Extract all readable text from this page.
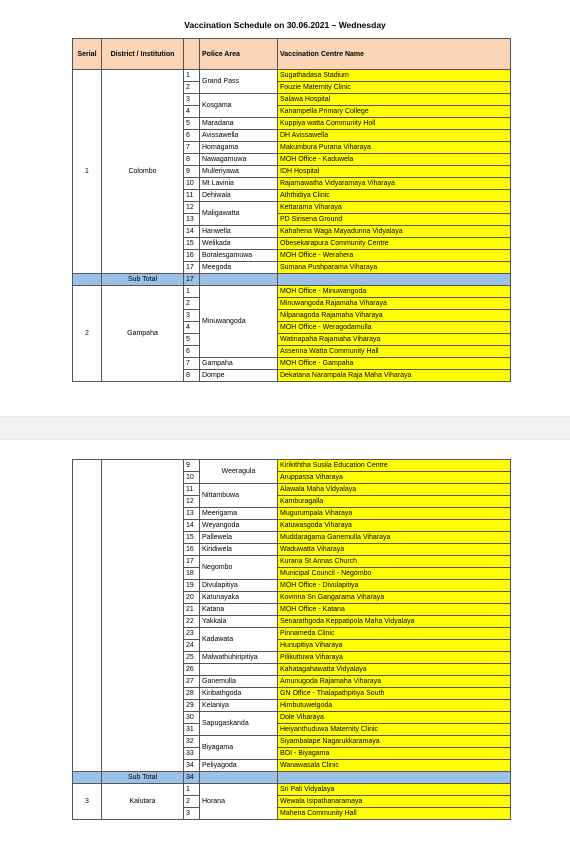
Vaccination Schedule on 30.06.2021 – Wednesday
Serial	District / Institution		Police Area	Vaccination Centre Name
1	Colombo	1	Grand Pass	Sugathadasa Stadium
		2		Fouzie Maternity Clinic
		3	Kosgama	Salawa Hospital
		4		Kanampella Primary College
		5	Maradana	Kuppiya watta Community Holl
		6	Avissawella	DH Avissawella
		7	Homagama	Makumbura Purana Viharaya
		8	Nawagamuwa	MOH Office - Kaduwela
		9	Mulleriyawa	IDH Hospital
		10	Mt Lavinia	Rajamawatha Vidyaramaya Viharaya
		11	Dehiwala	Aththidiya Clinic
		12	Maligawatta	Kettarama Viharaya
		13		PD Sirisena Ground
		14	Hanwella	Kahahena Waga Mayadunna Vidyalaya
		15	Welikada	Obesekarapura Community Centre
		16	Boralesgamuwa	MOH Office - Werahera
		17	Meegoda	Sumana Pushparama Viharaya
	Sub Total	17		
2	Gampaha	1	Minuwangoda	MOH Office - Minuwangoda
		2		Minuwangoda Rajamaha Viharaya
		3		Nilpanagoda Rajamaha Viharaya
		4		MOH Office - Weragodamulla
		5		Watinapaha Rajamaha Viharaya
		6		Assenna Watta Community Hall
		7	Gampaha	MOH Office - Gampaha
		8	Dompe	Dekatana Narampala Raja Maha Viharaya
		9	Weeragula	Kirikiththa Susila Education Centre
		10		Aruppassa Viharaya
		11	Nittambuwa	Alawala Maha Vidyalaya
		12		Kamburagalla
		13	Meerigama	Mugurumpala Viharaya
		14	Weyangoda	Katuwasgoda Viharaya
		15	Pallewela	Muddaragama Ganemulla Viharaya
		16	Kiridiwela	Waduwatta Viharaya
		17	Negombo	Kurana St Annas Church
		18		Municipal Council - Negombo
		19	Divulapitiya	MOH Office - Divulapitiya
		20	Katunayaka	Kovinna Sri Gangarama Viharaya
		21	Katana	MOH Office - Katana
		22	Yakkala	Senarathgoda Keppatipola Maha Vidyalaya
		23	Kadawata	Pinnameda Clinic
		24		Hunupitiya Viharaya
		25	Malwathuhiripitiya	Pilikuttuwa Viharaya
		26		Kahatagahawatta Vidyalaya
		27	Ganemulla	Amunugoda Rajamaha Viharaya
		28	Kiribathgoda	GN Office - Thalapathpitiya South
		29	Kelaniya	Himbutuwelgoda
		30	Sapugaskanda	Dole Viharaya
		31		Heiyanthuduwa Maternity Clinic
		32	Biyagama	Siyambalape Nagarukkaramaya
		33		BOI - Biyagama
		34	Peliyagoda	Wanawasala Clinic
	Sub Total	34		
3	Kalutara	1	Horana	Sri Pali Vidyalaya
		2		Wewala Isipathanaramaya
		3		Mahena Community Hall
